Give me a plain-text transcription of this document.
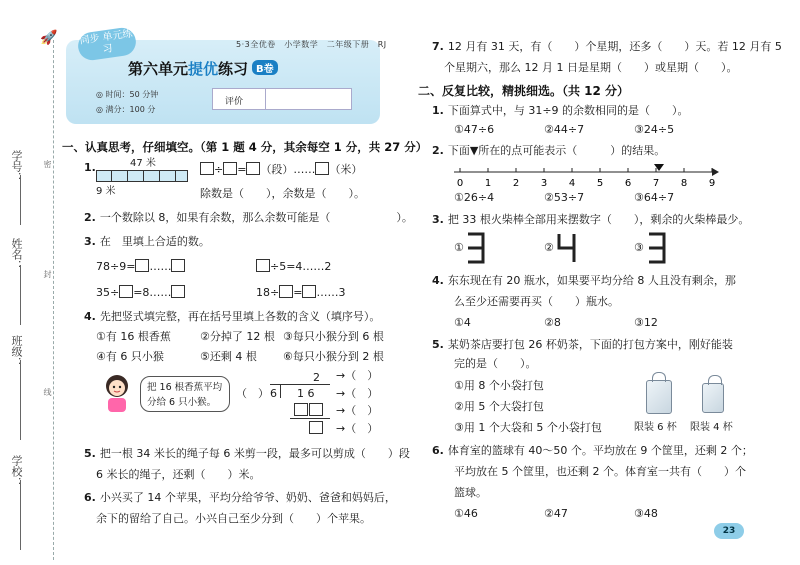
🚀
学号：
姓名：
班级：
学校：
密
封
线
同步 单元练习	5·3全优卷　小学数学　二年级下册　RJ
第六单元提优练习 B卷
◎ 时间：50 分钟
◎ 满分：100 分
评价
一、认真思考，仔细填空。（第 1 题 4 分，其余每空 1 分，共 27 分）
1.	47 米
9 米
÷ = （段）…… （米）
除数是（　　），余数是（　　）。
2. 一个数除以 8，如果有余数，那么余数可能是（　　　　　　）。
3. 在　里填上合适的数。
78÷9= ……	÷5=4……2
35÷ =8……	18÷ = ……3
4. 先把竖式填完整，再在括号里填上各数的含义（填序号）。
①有 16 根香蕉	②分掉了 12 根 ③每只小猴分到 6 根
④有 6 只小猴	⑤还剩 4 根 ⑥每只小猴分到 2 根
把 16 根香蕉平均分给 6 只小猴。
（　）
2
6 1 6
→（　）
→（　）
→（　）
→（　）
5. 把一根 34 米长的绳子每 6 米剪一段，最多可以剪成（　　）段
6 米长的绳子，还剩（　　）米。
6. 小兴买了 14 个苹果，平均分给爷爷、奶奶、爸爸和妈妈后，
余下的留给了自己。小兴自己至少分到（　　）个苹果。
7. 12 月有 31 天，有（　　）个星期，还多（　　）天。若 12 月有 5
个星期六，那么 12 月 1 日是星期（　　）或星期（　　）。
二、反复比较，精挑细选。（共 12 分）
1. 下面算式中，与 31÷9 的余数相同的是（　　）。
①47÷6	②44÷7	③24÷5
2. 下面▼所在的点可能表示（　　　）的结果。
0 1 2 3 4 5 6 7 8 9
①26÷4	②53÷7	③64÷7
3. 把 33 根火柴棒全部用来摆数字（　　），剩余的火柴棒最少。
①	②	③
4. 东东现在有 20 瓶水，如果要平均分给 8 人且没有剩余，那
么至少还需要再买（　　）瓶水。
①4	②8	③12
5. 某奶茶店要打包 26 杯奶茶，下面的打包方案中，刚好能装
完的是（　　）。
①用 8 个小袋打包
②用 5 个大袋打包
③用 1 个大袋和 5 个小袋打包	限装 6 杯 限装 4 杯
6. 体育室的篮球有 40～50 个。平均放在 9 个筐里，还剩 2 个；
平均放在 5 个筐里，也还剩 2 个。体育室一共有（　　）个
篮球。
①46	②47	③48
23
